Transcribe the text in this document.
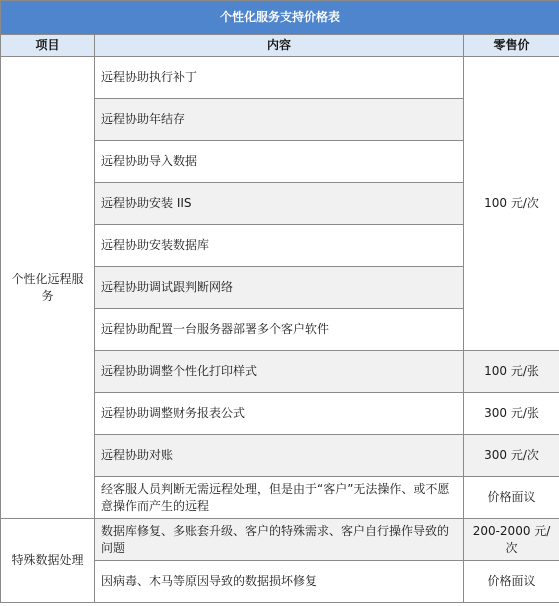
个性化服务支持价格表		
项目	内容	零售价
个性化远程服务	远程协助执行补丁	100 元/次
	远程协助年结存	
	远程协助导入数据	
	远程协助安装 IIS	
	远程协助安装数据库	
	远程协助调试跟判断网络	
	远程协助配置一台服务器部署多个客户软件	
	远程协助调整个性化打印样式	100 元/张
	远程协助调整财务报表公式	300 元/张
	远程协助对账	300 元/次
	经客服人员判断无需远程处理，但是由于“客户”无法操作、或不愿意操作而产生的远程	价格面议
特殊数据处理	数据库修复、多账套升级、客户的特殊需求、客户自行操作导致的问题	200-2000 元/次
	因病毒、木马等原因导致的数据损坏修复	价格面议
